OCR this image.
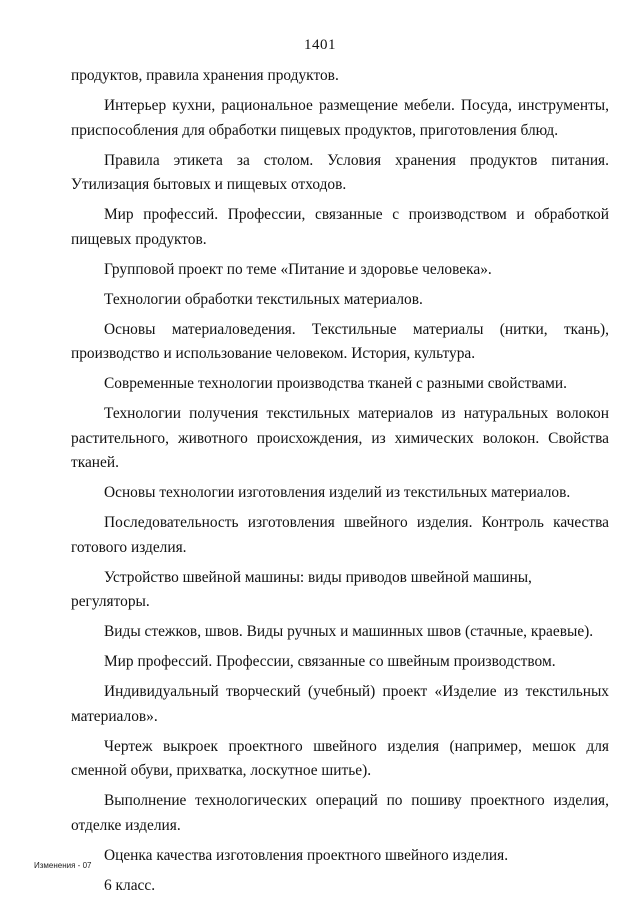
1401

продуктов, правила хранения продуктов.

Интерьер кухни, рациональное размещение мебели. Посуда, инструменты, приспособления для обработки пищевых продуктов, приготовления блюд.

Правила этикета за столом. Условия хранения продуктов питания. Утилизация бытовых и пищевых отходов.

Мир профессий. Профессии, связанные с производством и обработкой пищевых продуктов.

Групповой проект по теме «Питание и здоровье человека».

Технологии обработки текстильных материалов.

Основы материаловедения. Текстильные материалы (нитки, ткань), производство и использование человеком. История, культура.

Современные технологии производства тканей с разными свойствами.

Технологии получения текстильных материалов из натуральных волокон растительного, животного происхождения, из химических волокон. Свойства тканей.

Основы технологии изготовления изделий из текстильных материалов.

Последовательность изготовления швейного изделия. Контроль качества готового изделия.

Устройство швейной машины: виды приводов швейной машины, регуляторы.

Виды стежков, швов. Виды ручных и машинных швов (стачные, краевые).

Мир профессий. Профессии, связанные со швейным производством.

Индивидуальный творческий (учебный) проект «Изделие из текстильных материалов».

Чертеж выкроек проектного швейного изделия (например, мешок для сменной обуви, прихватка, лоскутное шитье).

Выполнение технологических операций по пошиву проектного изделия, отделке изделия.

Оценка качества изготовления проектного швейного изделия.

6 класс.

Изменения - 07
